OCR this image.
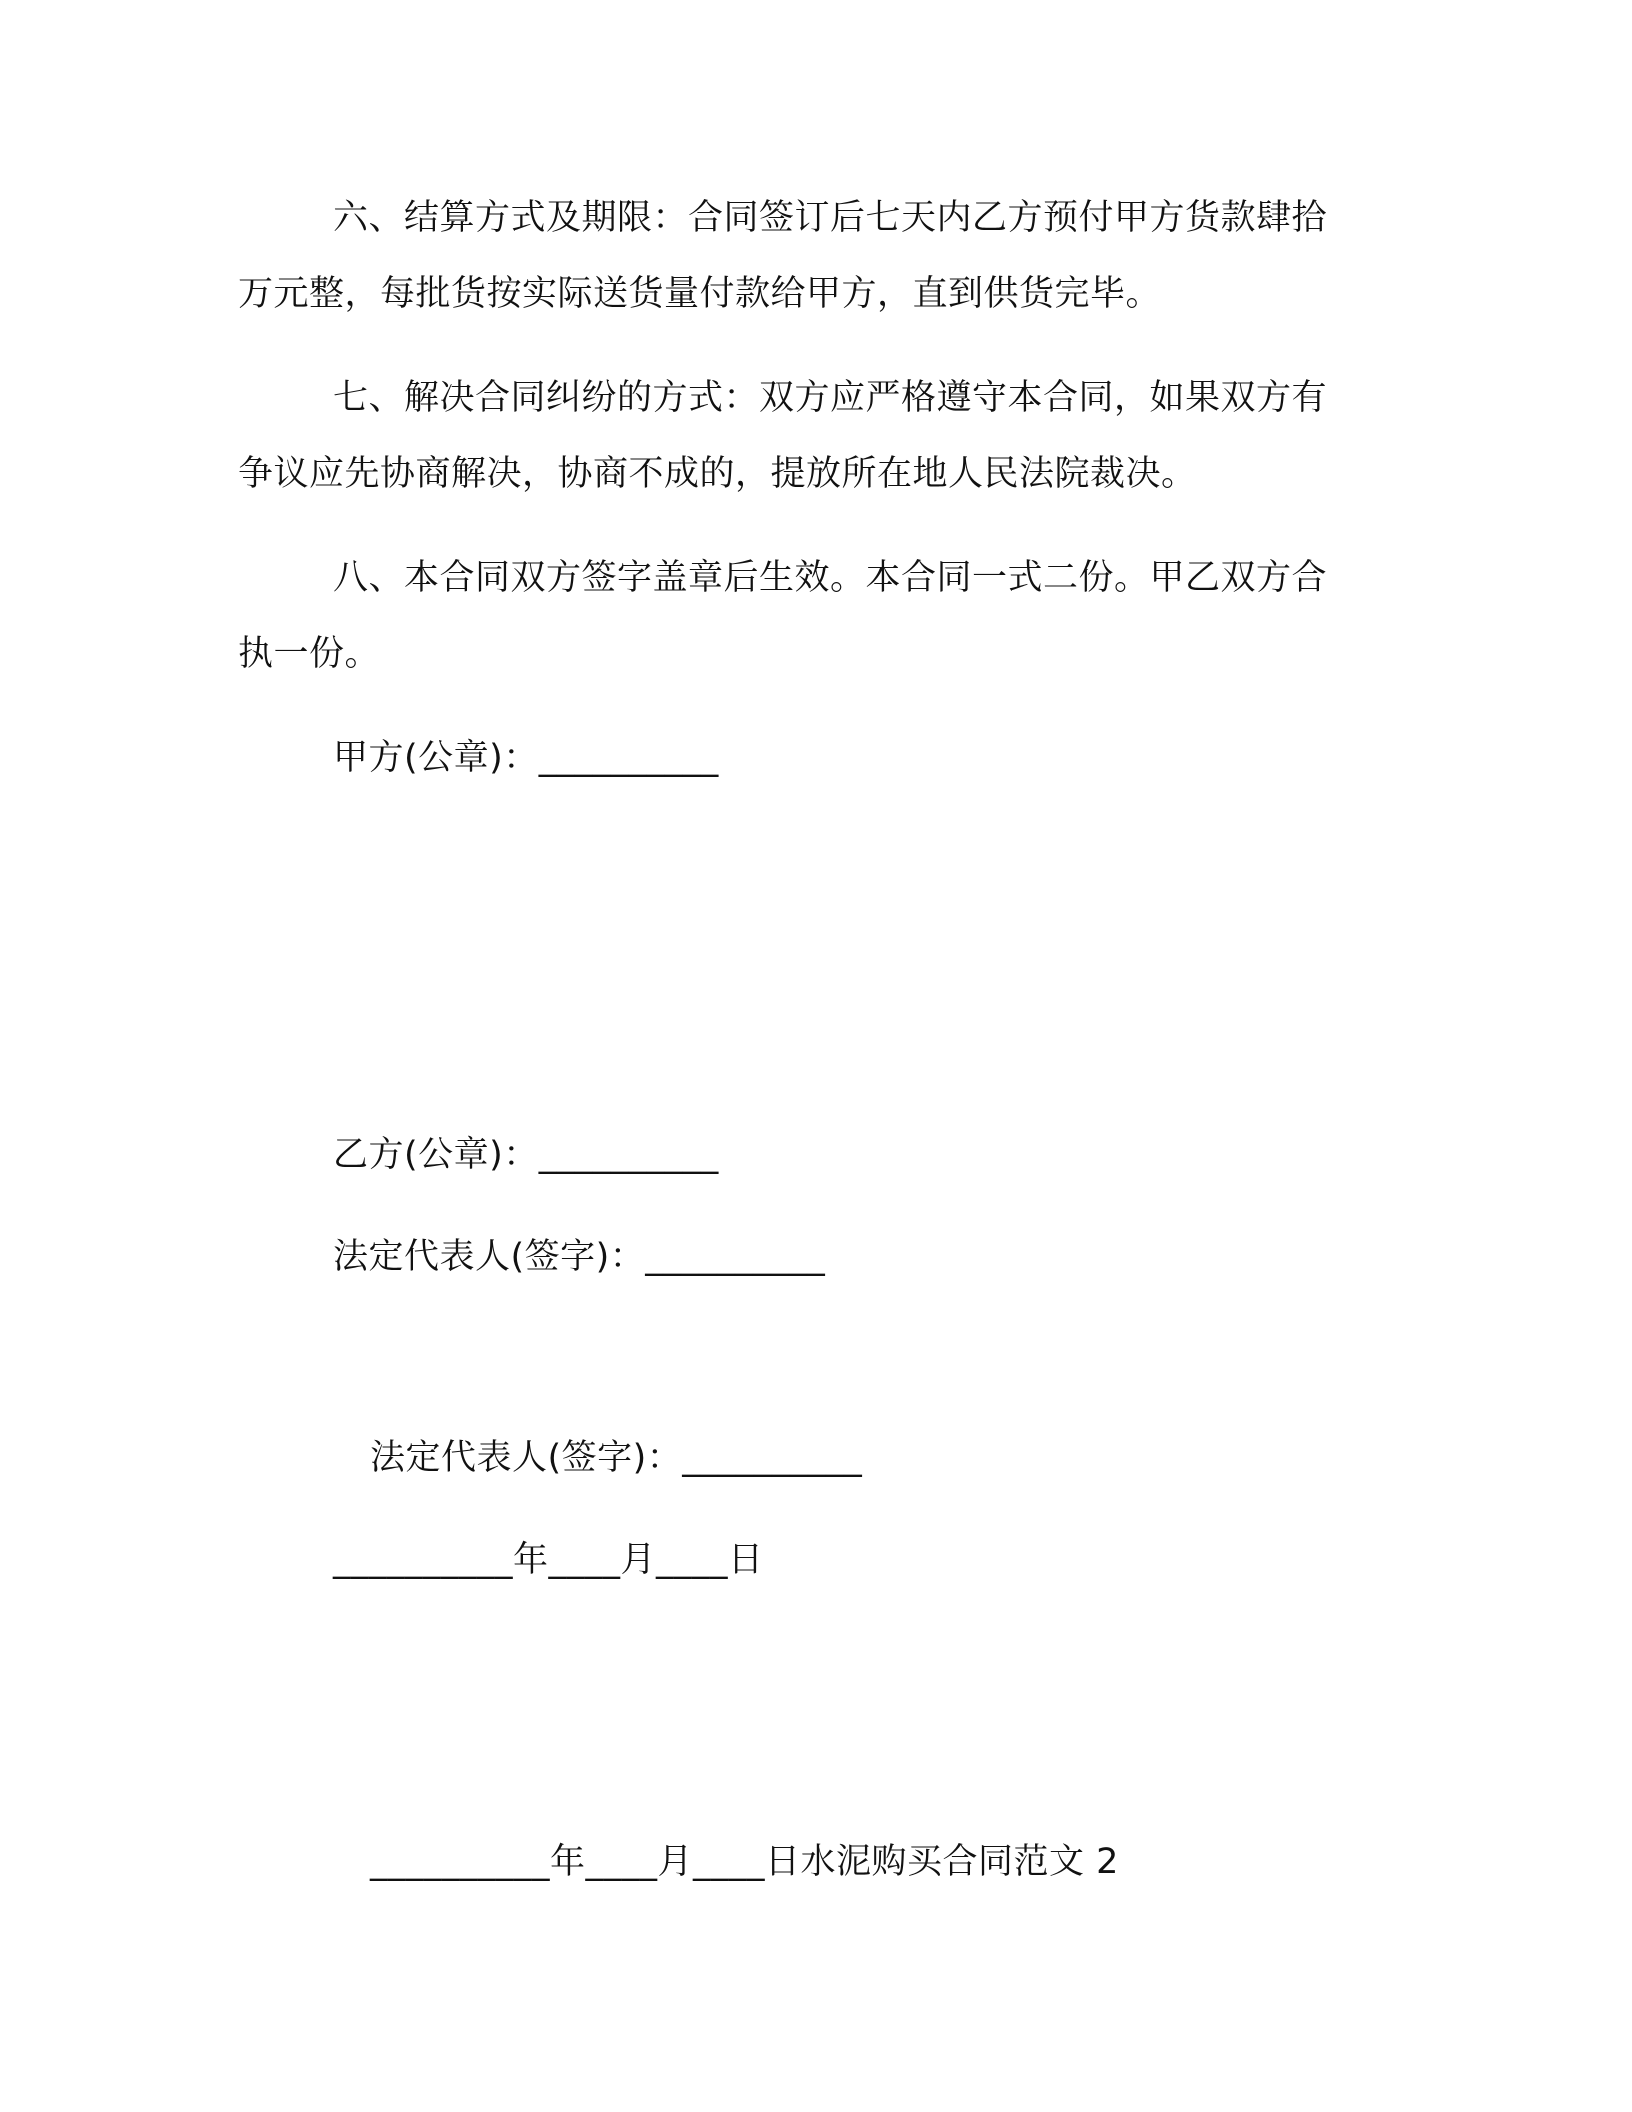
六、结算方式及期限：合同签订后七天内乙方预付甲方货款肆拾
万元整，每批货按实际送货量付款给甲方，直到供货完毕。
七、解决合同纠纷的方式：双方应严格遵守本合同，如果双方有
争议应先协商解决，协商不成的，提放所在地人民法院裁决。
八、本合同双方签字盖章后生效。本合同一式二份。甲乙双方合
执一份。
甲方(公章)：__________
乙方(公章)：__________
法定代表人(签字)：__________
法定代表人(签字)：__________
__________年____月____日
__________年____月____日水泥购买合同范文 2
